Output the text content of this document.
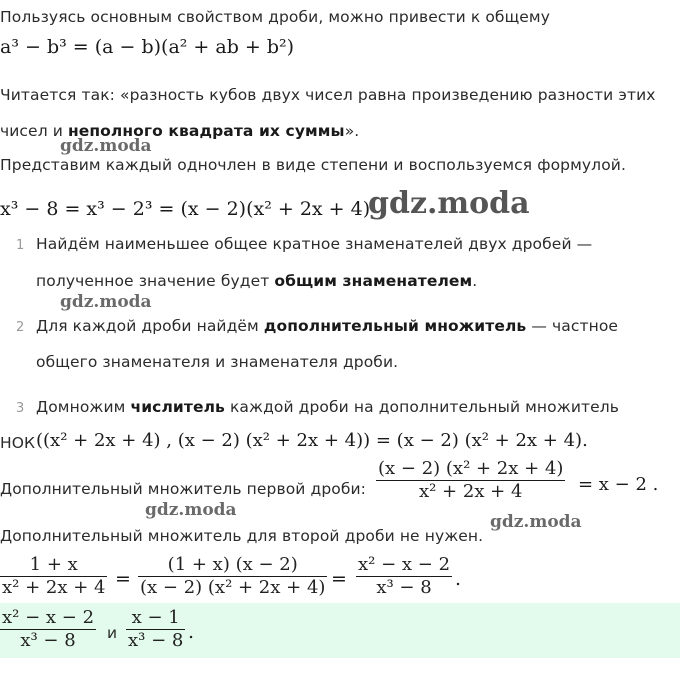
Пользуясь основным свойством дроби, можно привести к общему
a³ − b³ = (a − b)(a² + ab + b²)
Читается так: «разность кубов двух чисел равна произведению разности этих
чисел и неполного квадрата их суммы».
gdz.moda
Представим каждый одночлен в виде степени и воспользуемся формулой.
x³ − 8 = x³ − 2³ = (x − 2)(x² + 2x + 4)
gdz.moda
1 Найдём наименьшее общее кратное знаменателей двух дробей —
полученное значение будет общим знаменателем.
gdz.moda
2 Для каждой дроби найдём дополнительный множитель — частное
общего знаменателя и знаменателя дроби.
3 Домножим числитель каждой дроби на дополнительный множитель
НОК ((x² + 2x + 4) , (x − 2) (x² + 2x + 4)) = (x − 2) (x² + 2x + 4).
Дополнительный множитель первой дроби:
(x − 2) (x² + 2x + 4)
x² + 2x + 4	= x − 2 .
gdz.moda
gdz.moda
Дополнительный множитель для второй дроби не нужен.
1 + x
x² + 2x + 4 =
(1 + x) (x − 2)
(x − 2) (x² + 2x + 4) =
x² − x − 2
x³ − 8 .
x² − x − 2
x³ − 8 и
x − 1
x³ − 8 .
